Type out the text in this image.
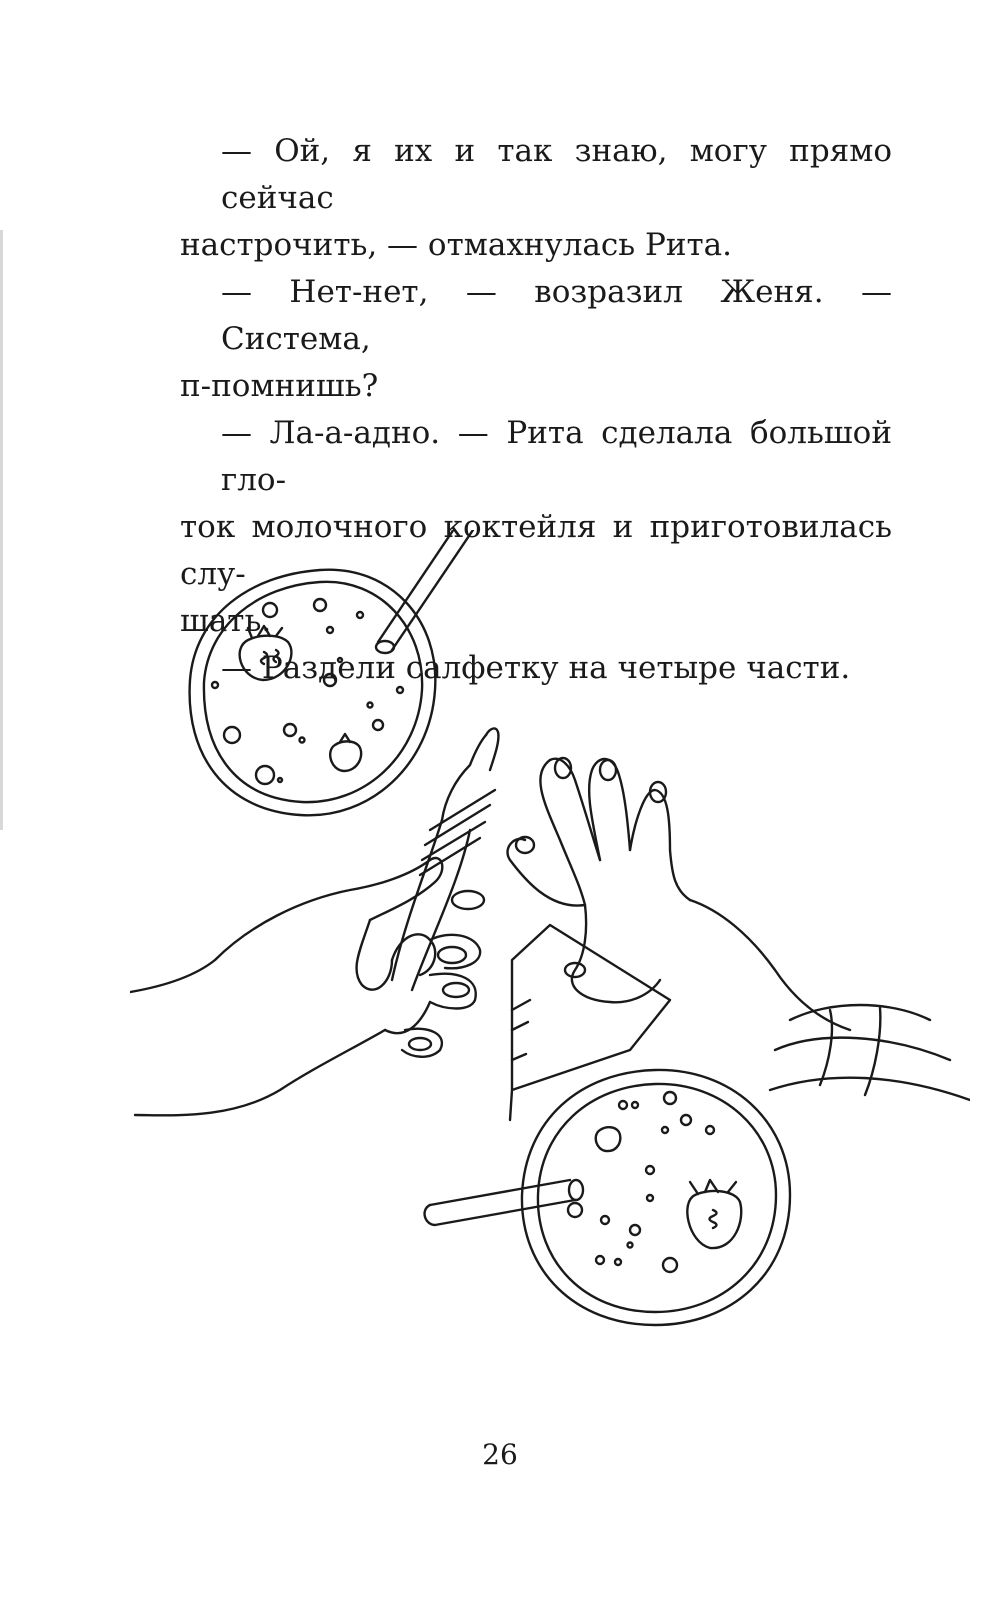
— Ой, я их и так знаю, могу прямо сейчас
настрочить, — отмахнулась Рита.
— Нет-нет, — возразил Женя. — Система,
п-помнишь?
— Ла-а-адно. — Рита сделала большой гло-
ток молочного коктейля и приготовилась слу-
шать.
— Раздели салфетку на четыре части.
26
